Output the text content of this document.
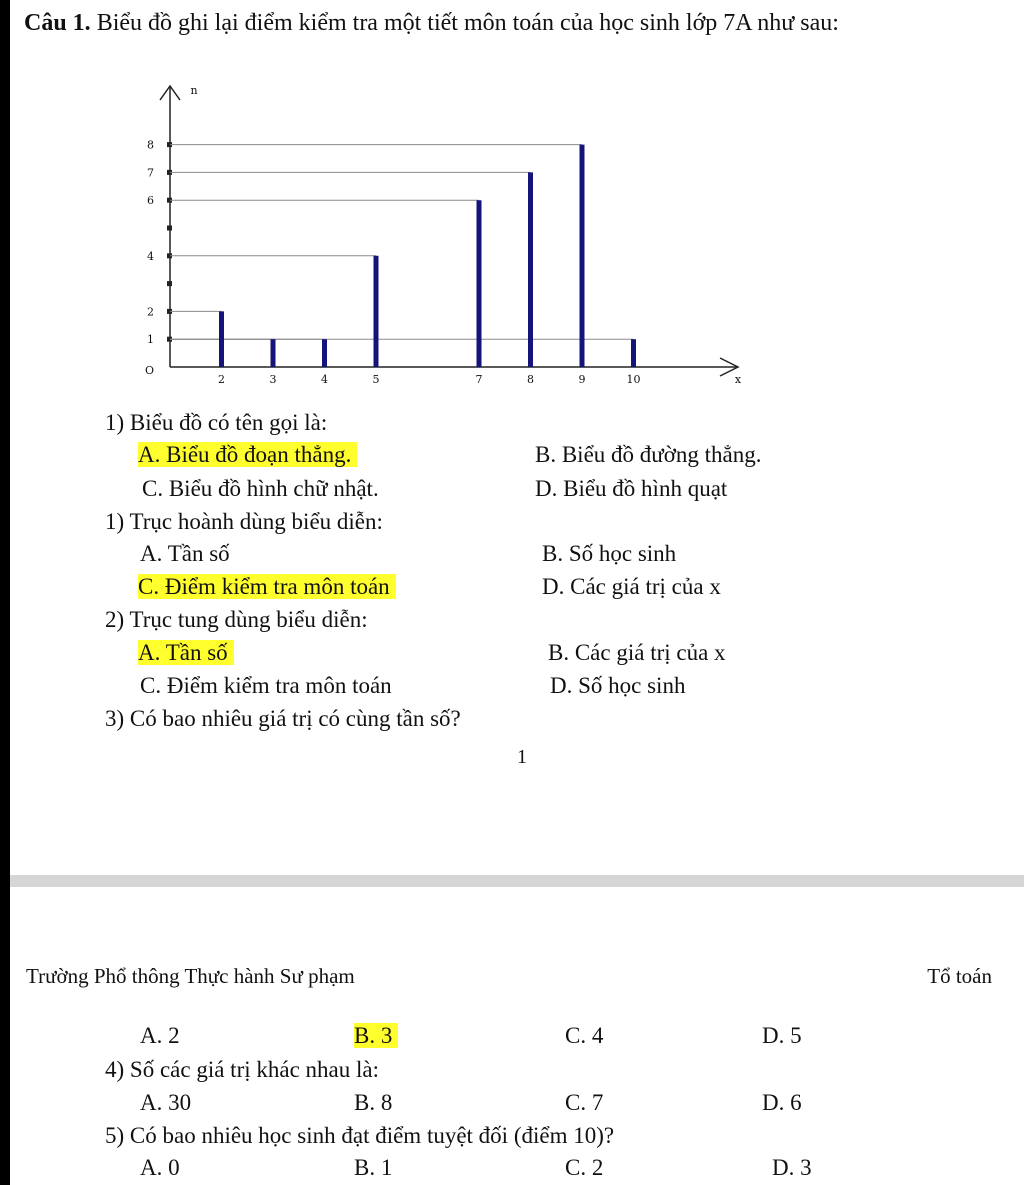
Câu 1. Biểu đồ ghi lại điểm kiểm tra một tiết môn toán của học sinh lớp 7A như sau:
2	3	4	5	7	8	9	10
1
2
4
6
7
8
O
x
n
1) Biểu đồ có tên gọi là:
A. Biểu đồ đoạn thẳng.	B. Biểu đồ đường thẳng.
C. Biểu đồ hình chữ nhật.	D. Biểu đồ hình quạt
1) Trục hoành dùng biểu diễn:
A. Tần số	B. Số học sinh
C. Điểm kiểm tra môn toán	D. Các giá trị của x
2) Trục tung dùng biểu diễn:
A. Tần số	B. Các giá trị của x
C. Điểm kiểm tra môn toán	D. Số học sinh
3) Có bao nhiêu giá trị có cùng tần số?
1
Trường Phổ thông Thực hành Sư phạm	Tổ toán
A. 2	B. 3	C. 4	D. 5
4) Số các giá trị khác nhau là:
A. 30	B. 8	C. 7	D. 6
5) Có bao nhiêu học sinh đạt điểm tuyệt đối (điểm 10)?
A. 0	B. 1	C. 2	D. 3
